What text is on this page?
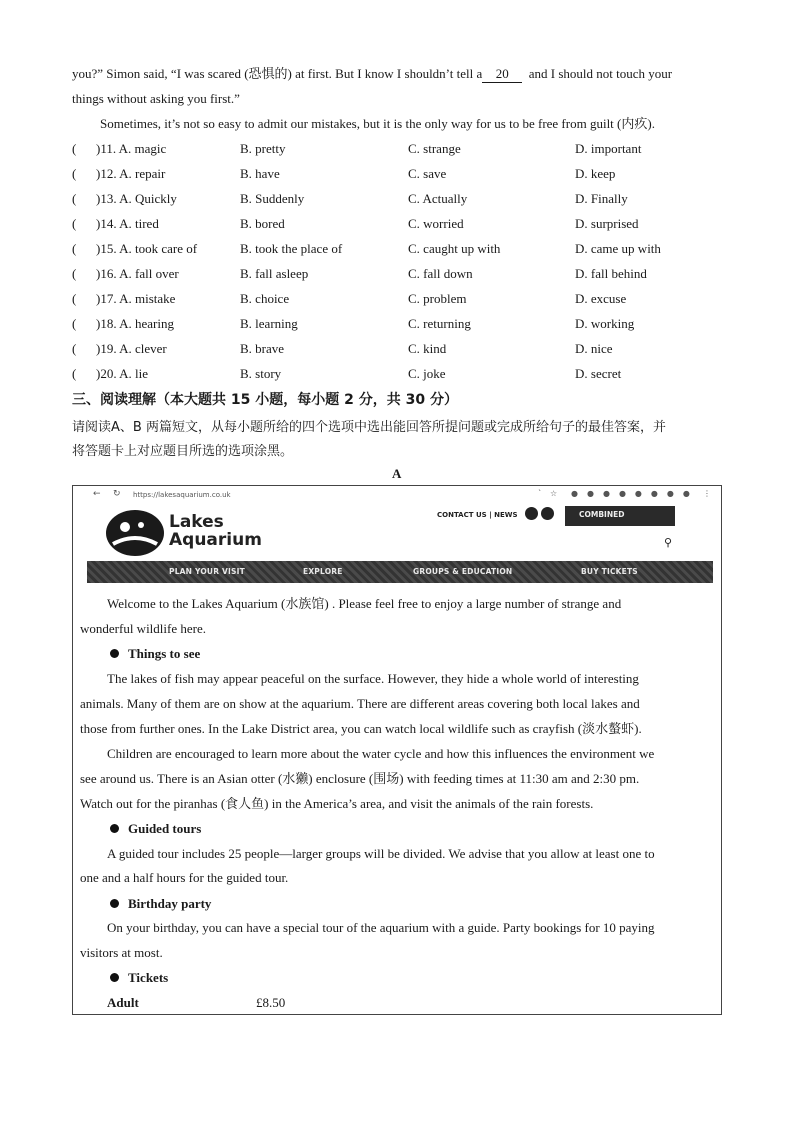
you?” Simon said, “I was scared (恐惧的) at first. But I know I shouldn’t tell a 20 and I should not touch your
things without asking you first.”
Sometimes, it’s not so easy to admit our mistakes, but it is the only way for us to be free from guilt (内疚).
( )11. A. magic	B. pretty	C. strange	D. important
( )12. A. repair	B. have	C. save	D. keep
( )13. A. Quickly	B. Suddenly	C. Actually	D. Finally
( )14. A. tired	B. bored	C. worried	D. surprised
( )15. A. took care of	B. took the place of	C. caught up with	D. came up with
( )16. A. fall over	B. fall asleep	C. fall down	D. fall behind
( )17. A. mistake	B. choice	C. problem	D. excuse
( )18. A. hearing	B. learning	C. returning	D. working
( )19. A. clever	B. brave	C. kind	D. nice
( )20. A. lie	B. story	C. joke	D. secret
三、阅读理解（本大题共 15 小题，每小题 2 分，共 30 分）
请阅读A、B 两篇短文，从每小题所给的四个选项中选出能回答所提问题或完成所给句子的最佳答案，并
将答题卡上对应题目所选的选项涂黑。
A
← ↻ https://lakesaquarium.co.uk	` ☆ ●●●●●●●● ⋮
Lakes
Aquarium
CONTACT US | NEWS	COMBINED
⚲
PLAN YOUR VISIT	EXPLORE	GROUPS & EDUCATION	BUY TICKETS
Welcome to the Lakes Aquarium (水族馆) . Please feel free to enjoy a large number of strange and
wonderful wildlife here.
Things to see
The lakes of fish may appear peaceful on the surface. However, they hide a whole world of interesting
animals. Many of them are on show at the aquarium. There are different areas covering both local lakes and
those from further ones. In the Lake District area, you can watch local wildlife such as crayfish (淡水螯虾).
Children are encouraged to learn more about the water cycle and how this influences the environment we
see around us. There is an Asian otter (水獭) enclosure (围场) with feeding times at 11:30 am and 2:30 pm.
Watch out for the piranhas (食人鱼) in the America’s area, and visit the animals of the rain forests.
Guided tours
A guided tour includes 25 people—larger groups will be divided. We advise that you allow at least one to
one and a half hours for the guided tour.
Birthday party
On your birthday, you can have a special tour of the aquarium with a guide. Party bookings for 10 paying
visitors at most.
Tickets
Adult	£8.50
